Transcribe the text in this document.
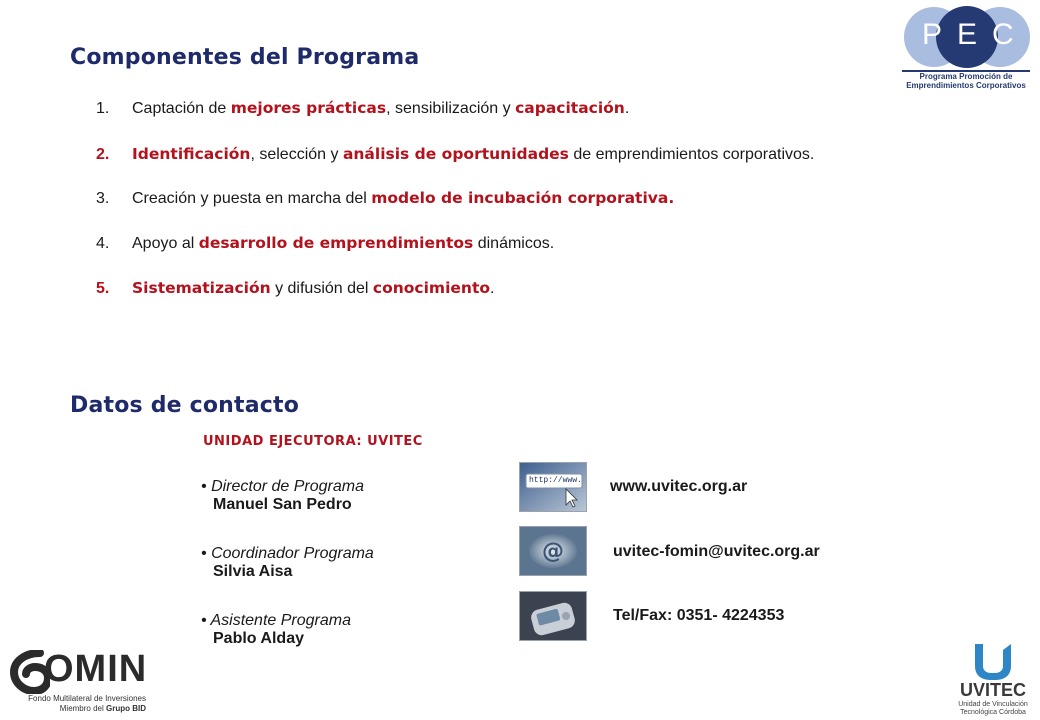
P E C
Programa Promoción de
Emprendimientos Corporativos
Componentes del Programa
1. Captación de mejores prácticas, sensibilización y capacitación.
2. Identificación, selección y análisis de oportunidades de emprendimientos corporativos.
3. Creación y puesta en marcha del modelo de incubación corporativa.
4. Apoyo al desarrollo de emprendimientos dinámicos.
5. Sistematización y difusión del conocimiento.
Datos de contacto
UNIDAD EJECUTORA: UVITEC
• Director de Programa
Manuel San Pedro
• Coordinador Programa
Silvia Aisa
• Asistente Programa
Pablo Alday
http://www. www.uvitec.org.ar
@	uvitec-fomin@uvitec.org.ar
Tel/Fax: 0351- 4224353
OMIN
Fondo Multilateral de Inversiones
Miembro del Grupo BID
UVITEC
Unidad de Vinculación
Tecnológica Córdoba
